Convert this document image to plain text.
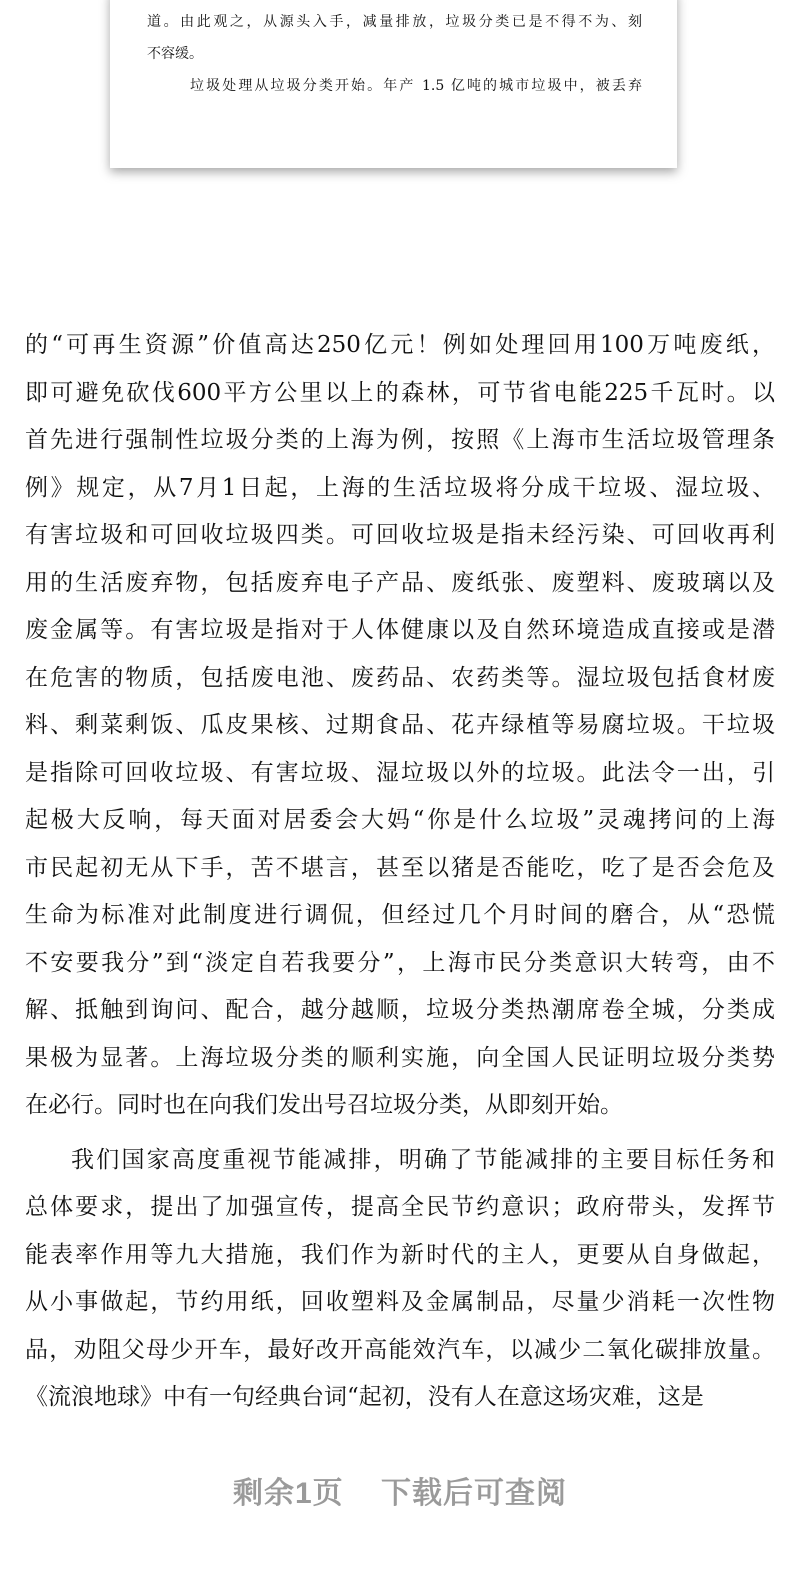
道。由此观之，从源头入手，减量排放，垃圾分类已是不得不为、刻
不容缓。
垃圾处理从垃圾分类开始。年产 1.5 亿吨的城市垃圾中，被丢弃
的“可再生资源”价值高达250亿元！例如处理回用100万吨废纸，
即可避免砍伐600平方公里以上的森林，可节省电能225千瓦时。以
首先进行强制性垃圾分类的上海为例，按照《上海市生活垃圾管理条
例》规定，从7月1日起，上海的生活垃圾将分成干垃圾、湿垃圾、
有害垃圾和可回收垃圾四类。可回收垃圾是指未经污染、可回收再利
用的生活废弃物，包括废弃电子产品、废纸张、废塑料、废玻璃以及
废金属等。有害垃圾是指对于人体健康以及自然环境造成直接或是潜
在危害的物质，包括废电池、废药品、农药类等。湿垃圾包括食材废
料、剩菜剩饭、瓜皮果核、过期食品、花卉绿植等易腐垃圾。干垃圾
是指除可回收垃圾、有害垃圾、湿垃圾以外的垃圾。此法令一出，引
起极大反响，每天面对居委会大妈“你是什么垃圾”灵魂拷问的上海
市民起初无从下手，苦不堪言，甚至以猪是否能吃，吃了是否会危及
生命为标准对此制度进行调侃，但经过几个月时间的磨合，从“恐慌
不安要我分”到“淡定自若我要分”，上海市民分类意识大转弯，由不
解、抵触到询问、配合，越分越顺，垃圾分类热潮席卷全城，分类成
果极为显著。上海垃圾分类的顺利实施，向全国人民证明垃圾分类势
在必行。同时也在向我们发出号召垃圾分类，从即刻开始。
我们国家高度重视节能减排，明确了节能减排的主要目标任务和
总体要求，提出了加强宣传，提高全民节约意识；政府带头，发挥节
能表率作用等九大措施，我们作为新时代的主人，更要从自身做起，
从小事做起，节约用纸，回收塑料及金属制品，尽量少消耗一次性物
品，劝阻父母少开车，最好改开高能效汽车，以减少二氧化碳排放量。
《流浪地球》中有一句经典台词“起初，没有人在意这场灾难，这是
剩余1页 下载后可查阅
